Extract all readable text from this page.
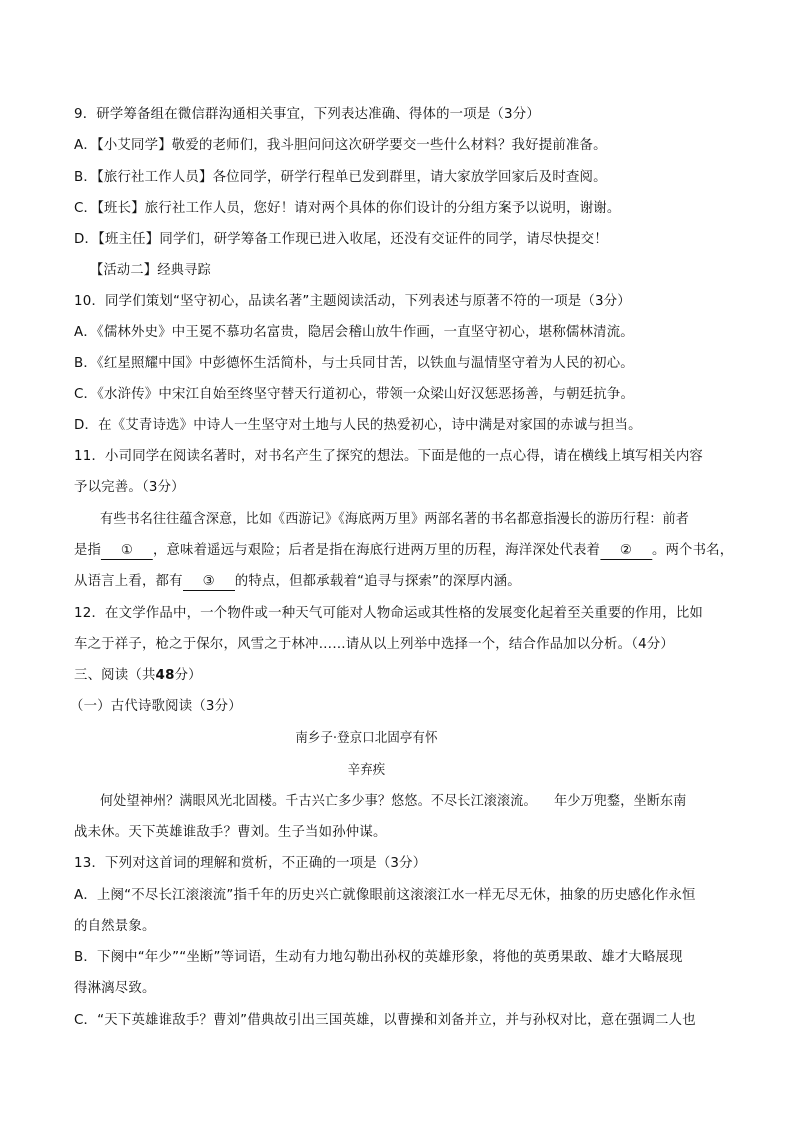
9．研学筹备组在微信群沟通相关事宜，下列表达准确、得体的一项是（3分）
A．【小艾同学】敬爱的老师们，我斗胆问问这次研学要交一些什么材料？我好提前准备。
B．【旅行社工作人员】各位同学，研学行程单已发到群里，请大家放学回家后及时查阅。
C．【班长】旅行社工作人员，您好！请对两个具体的你们设计的分组方案予以说明，谢谢。
D．【班主任】同学们，研学筹备工作现已进入收尾，还没有交证件的同学，请尽快提交！
【活动二】经典寻踪
10．同学们策划“坚守初心，品读名著”主题阅读活动，下列表述与原著不符的一项是（3分）
A．《儒林外史》中王冕不慕功名富贵，隐居会稽山放牛作画，一直坚守初心，堪称儒林清流。
B．《红星照耀中国》中彭德怀生活简朴，与士兵同甘苦，以铁血与温情坚守着为人民的初心。
C．《水浒传》中宋江自始至终坚守替天行道初心，带领一众梁山好汉惩恶扬善，与朝廷抗争。
D．在《艾青诗选》中诗人一生坚守对土地与人民的热爱初心，诗中满是对家国的赤诚与担当。
11．小司同学在阅读名著时，对书名产生了探究的想法。下面是他的一点心得，请在横线上填写相关内容
予以完善。（3分）
有些书名往往蕴含深意，比如《西游记》《海底两万里》两部名著的书名都意指漫长的游历行程：前者
是指 ① ，意味着遥远与艰险；后者是指在海底行进两万里的历程，海洋深处代表着 ② 。两个书名，
从语言上看，都有 ③ 的特点，但都承载着“追寻与探索”的深厚内涵。
12．在文学作品中，一个物件或一种天气可能对人物命运或其性格的发展变化起着至关重要的作用，比如
车之于祥子，枪之于保尔，风雪之于林冲……请从以上列举中选择一个，结合作品加以分析。（4分）
三、阅读（共48分）
（一）古代诗歌阅读（3分）
南乡子·登京口北固亭有怀
辛弃疾
何处望神州？满眼风光北固楼。千古兴亡多少事？悠悠。不尽长江滚滚流。    年少万兜鍪，坐断东南
战未休。天下英雄谁敌手？曹刘。生子当如孙仲谋。
13．下列对这首词的理解和赏析，不正确的一项是（3分）
A．上阕“不尽长江滚滚流”指千年的历史兴亡就像眼前这滚滚江水一样无尽无休，抽象的历史感化作永恒
的自然景象。
B．下阕中“年少”“坐断”等词语，生动有力地勾勒出孙权的英雄形象，将他的英勇果敢、雄才大略展现
得淋漓尽致。
C．“天下英雄谁敌手？曹刘”借典故引出三国英雄，以曹操和刘备并立，并与孙权对比，意在强调二人也
